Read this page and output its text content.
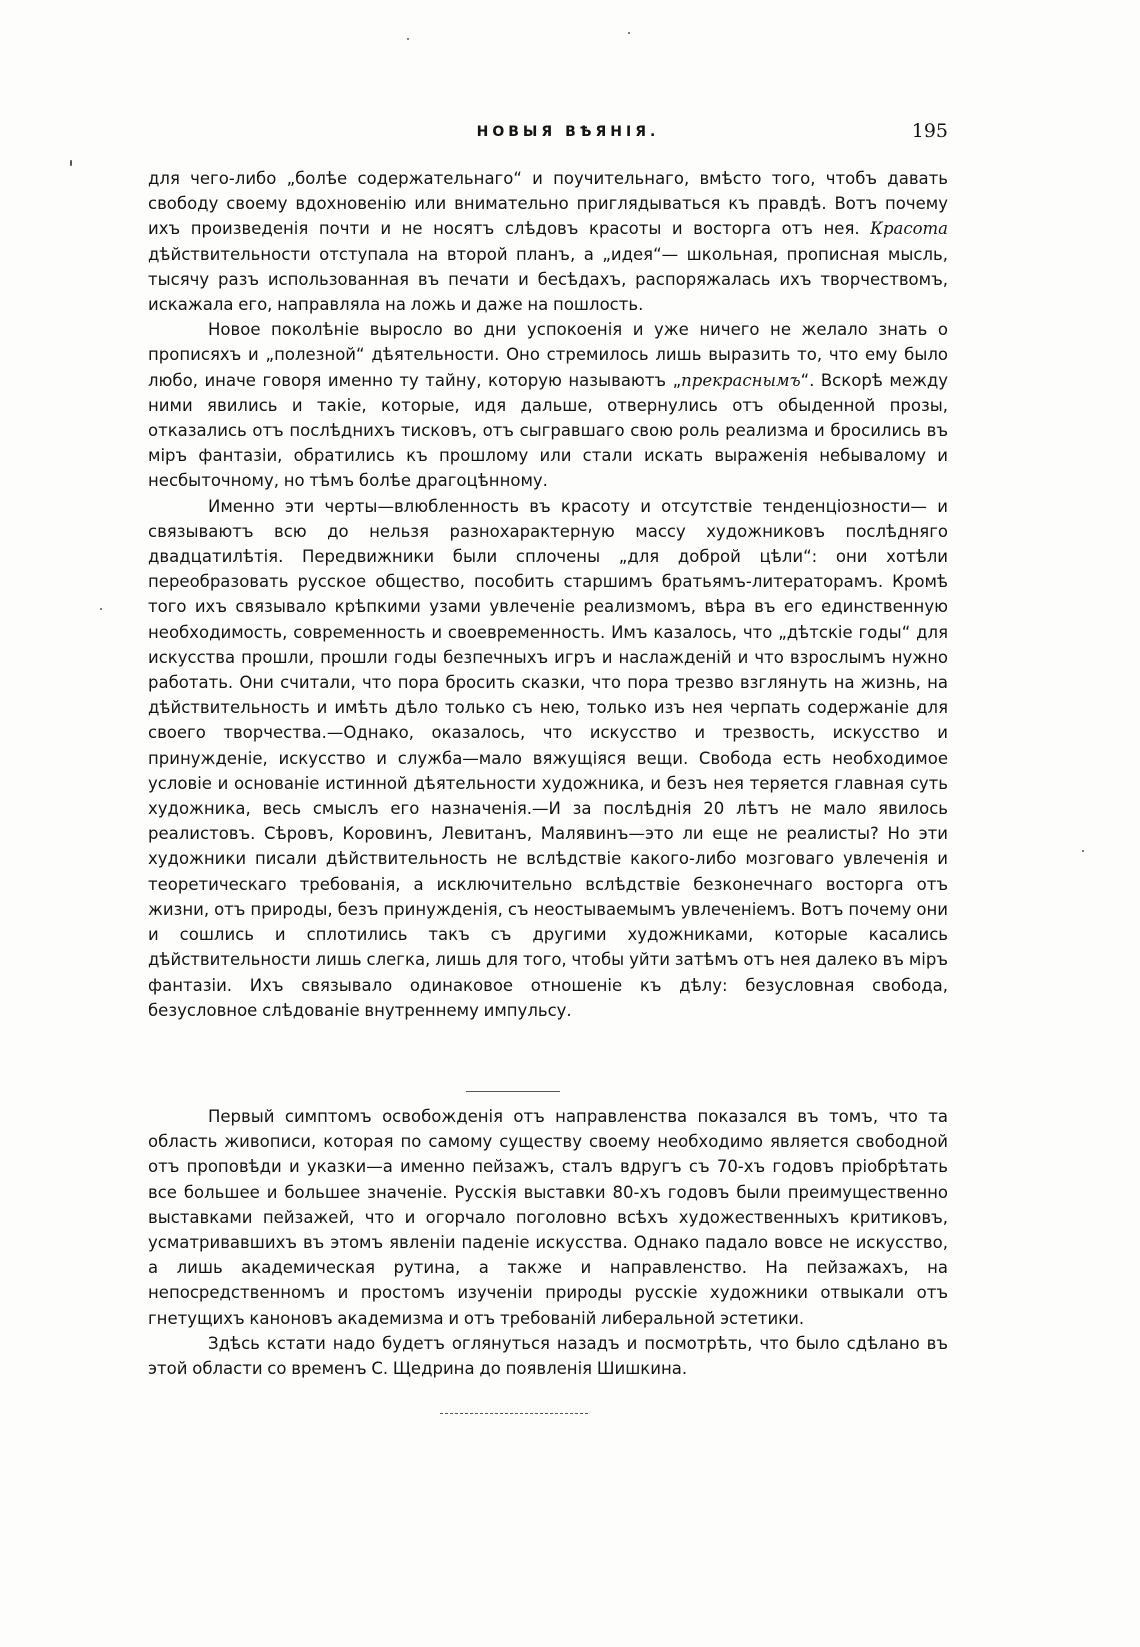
НОВЫЯ ВѢЯНІЯ.	195

для чего-либо „болѣе содержательнаго“ и поучительнаго, вмѣсто того, чтобъ давать свободу своему вдохновенію или внимательно приглядываться къ правдѣ. Вотъ почему ихъ произведенія почти и не носятъ слѣдовъ красоты и восторга отъ нея. Красота дѣйствительности отступала на второй планъ, а „идея“— школьная, прописная мысль, тысячу разъ использованная въ печати и бесѣдахъ, распоряжалась ихъ творчествомъ, искажала его, направляла на ложь и даже на пошлость.

Новое поколѣніе выросло во дни успокоенія и уже ничего не желало знать о прописяхъ и „полезной“ дѣятельности. Оно стремилось лишь выразить то, что ему было любо, иначе говоря именно ту тайну, которую называютъ „прекраснымъ“. Вскорѣ между ними явились и такіе, которые, идя дальше, отвернулись отъ обыденной прозы, отказались отъ послѣднихъ тисковъ, отъ сыгравшаго свою роль реализма и бросились въ міръ фантазіи, обратились къ прошлому или стали искать выраженія небывалому и несбыточному, но тѣмъ болѣе драгоцѣнному.

Именно эти черты—влюбленность въ красоту и отсутствіе тенденціозности— и связываютъ всю до нельзя разнохарактерную массу художниковъ послѣдняго двадцатилѣтія. Передвижники были сплочены „для доброй цѣли“: они хотѣли переобразовать русское общество, пособить старшимъ братьямъ-литераторамъ. Кромѣ того ихъ связывало крѣпкими узами увлеченіе реализмомъ, вѣра въ его единственную необходимость, современность и своевременность. Имъ казалось, что „дѣтскіе годы“ для искусства прошли, прошли годы безпечныхъ игръ и наслажденій и что взрослымъ нужно работать. Они считали, что пора бросить сказки, что пора трезво взглянуть на жизнь, на дѣйствительность и имѣть дѣло только съ нею, только изъ нея черпать содержаніе для своего творчества.—Однако, оказалось, что искусство и трезвость, искусство и принужденіе, искусство и служба—мало вяжущіяся вещи. Свобода есть необходимое условіе и основаніе истинной дѣятельности художника, и безъ нея теряется главная суть художника, весь смыслъ его назначенія.—И за послѣднія 20 лѣтъ не мало явилось реалистовъ. Сѣровъ, Коровинъ, Левитанъ, Малявинъ—это ли еще не реалисты? Но эти художники писали дѣйствительность не вслѣдствіе какого-либо мозговаго увлеченія и теоретическаго требованія, а исключительно вслѣдствіе безконечнаго восторга отъ жизни, отъ природы, безъ принужденія, съ неостываемымъ увлеченіемъ. Вотъ почему они и сошлись и сплотились такъ съ другими художниками, которые касались дѣйствительности лишь слегка, лишь для того, чтобы уйти затѣмъ отъ нея далеко въ міръ фантазіи. Ихъ связывало одинаковое отношеніе къ дѣлу: безусловная свобода, безусловное слѣдованіе внутреннему импульсу.

Первый симптомъ освобожденія отъ направленства показался въ томъ, что та область живописи, которая по самому существу своему необходимо является свободной отъ проповѣди и указки—а именно пейзажъ, сталъ вдругъ съ 70-хъ годовъ пріобрѣтать все большее и большее значеніе. Русскія выставки 80-хъ годовъ были преимущественно выставками пейзажей, что и огорчало поголовно всѣхъ художественныхъ критиковъ, усматривавшихъ въ этомъ явленіи паденіе искусства. Однако падало вовсе не искусство, а лишь академическая рутина, а также и направленство. На пейзажахъ, на непосредственномъ и простомъ изученіи природы русскіе художники отвыкали отъ гнетущихъ каноновъ академизма и отъ требованій либеральной эстетики.

Здѣсь кстати надо будетъ оглянуться назадъ и посмотрѣть, что было сдѣлано въ этой области со временъ С. Щедрина до появленія Шишкина.
